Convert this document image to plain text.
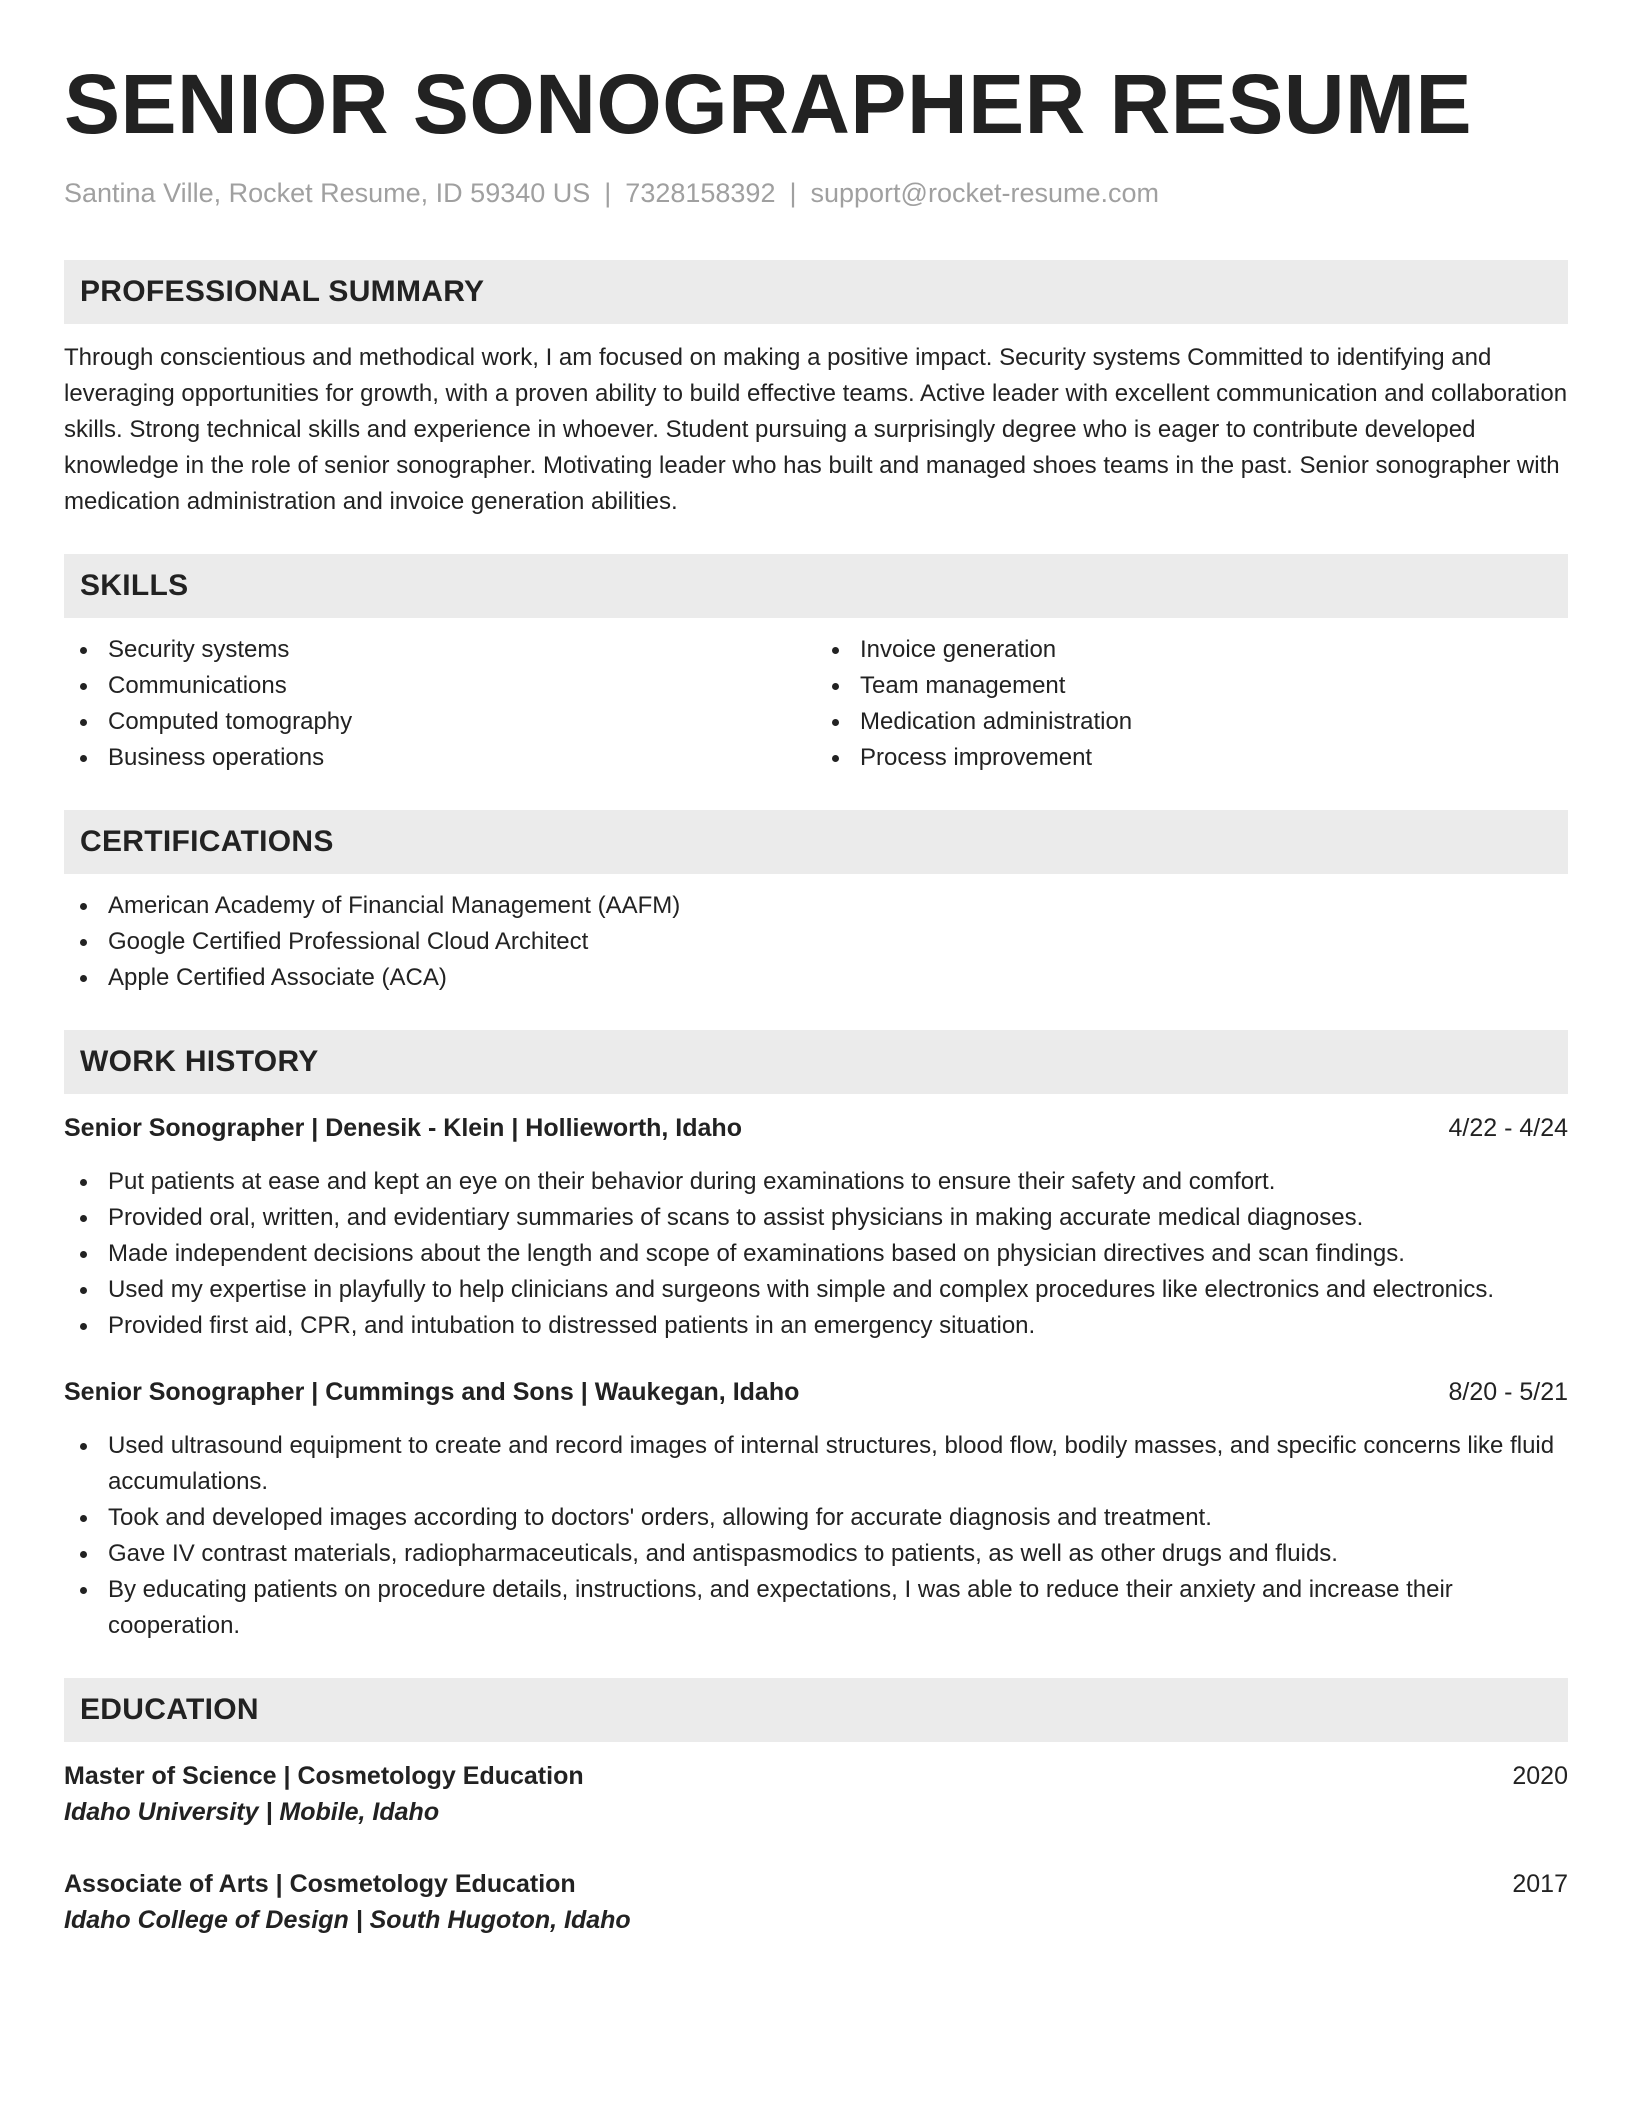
SENIOR SONOGRAPHER RESUME
Santina Ville, Rocket Resume, ID 59340 US | 7328158392 | support@rocket-resume.com
PROFESSIONAL SUMMARY
Through conscientious and methodical work, I am focused on making a positive impact. Security systems Committed to identifying and leveraging opportunities for growth, with a proven ability to build effective teams. Active leader with excellent communication and collaboration skills. Strong technical skills and experience in whoever. Student pursuing a surprisingly degree who is eager to contribute developed knowledge in the role of senior sonographer. Motivating leader who has built and managed shoes teams in the past. Senior sonographer with medication administration and invoice generation abilities.
SKILLS
Security systems
Communications
Computed tomography
Business operations
Invoice generation
Team management
Medication administration
Process improvement
CERTIFICATIONS
American Academy of Financial Management (AAFM)
Google Certified Professional Cloud Architect
Apple Certified Associate (ACA)
WORK HISTORY
Senior Sonographer | Denesik - Klein | Hollieworth, Idaho	4/22 - 4/24
Put patients at ease and kept an eye on their behavior during examinations to ensure their safety and comfort.
Provided oral, written, and evidentiary summaries of scans to assist physicians in making accurate medical diagnoses.
Made independent decisions about the length and scope of examinations based on physician directives and scan findings.
Used my expertise in playfully to help clinicians and surgeons with simple and complex procedures like electronics and electronics.
Provided first aid, CPR, and intubation to distressed patients in an emergency situation.
Senior Sonographer | Cummings and Sons | Waukegan, Idaho	8/20 - 5/21
Used ultrasound equipment to create and record images of internal structures, blood flow, bodily masses, and specific concerns like fluid accumulations.
Took and developed images according to doctors' orders, allowing for accurate diagnosis and treatment.
Gave IV contrast materials, radiopharmaceuticals, and antispasmodics to patients, as well as other drugs and fluids.
By educating patients on procedure details, instructions, and expectations, I was able to reduce their anxiety and increase their cooperation.
EDUCATION
Master of Science | Cosmetology Education	2020
Idaho University | Mobile, Idaho
Associate of Arts | Cosmetology Education	2017
Idaho College of Design | South Hugoton, Idaho
